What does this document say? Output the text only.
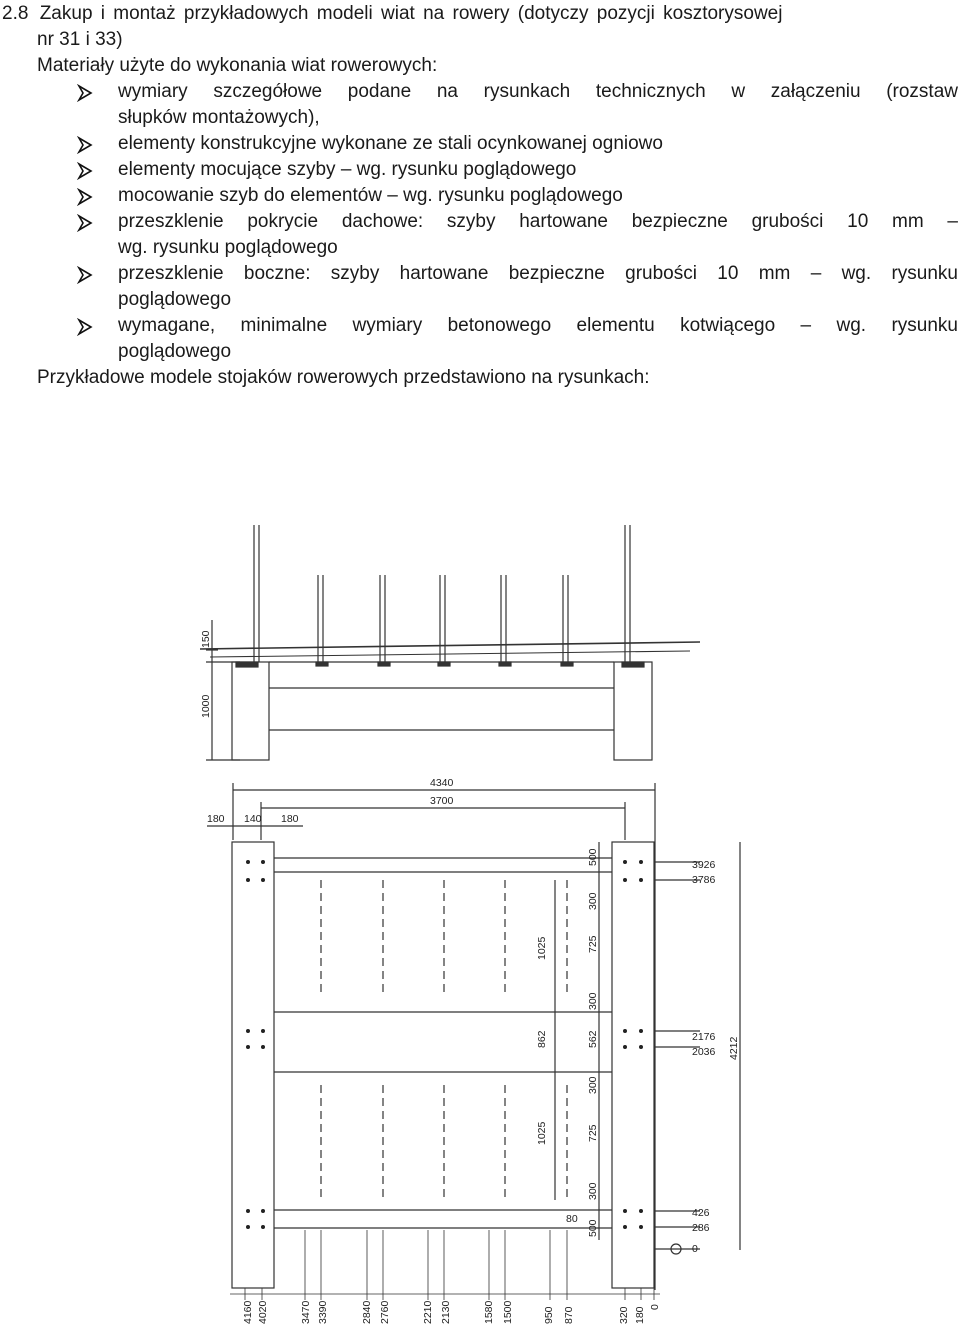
2.8 Zakup i montaż przykładowych modeli wiat na rowery (dotyczy pozycji kosztorysowej
nr 31 i 33)
Materiały użyte do wykonania wiat rowerowych:
wymiary szczegółowe podane na rysunkach technicznych w załączeniu (rozstaw
słupków montażowych),
elementy konstrukcyjne wykonane ze stali ocynkowanej ogniowo
elementy mocujące szyby – wg. rysunku poglądowego
mocowanie szyb do elementów – wg. rysunku poglądowego
przeszklenie pokrycie dachowe: szyby hartowane bezpieczne grubości 10 mm –
wg. rysunku poglądowego
przeszklenie boczne: szyby hartowane bezpieczne grubości 10 mm – wg. rysunku
poglądowego
wymagane, minimalne wymiary betonowego elementu kotwiącego – wg. rysunku
poglądowego
Przykładowe modele stojaków rowerowych przedstawiono na rysunkach:
150
1000
4340
3700
180 140 180
3926
3786
2176
2036
426
286
0
4212
500
300
725
1025
300
562
862
300
725
1025
300
500
80
4160 4020	3470 3390	2840 2760	2210 2130	1580 1500	950 870	320 180 0
